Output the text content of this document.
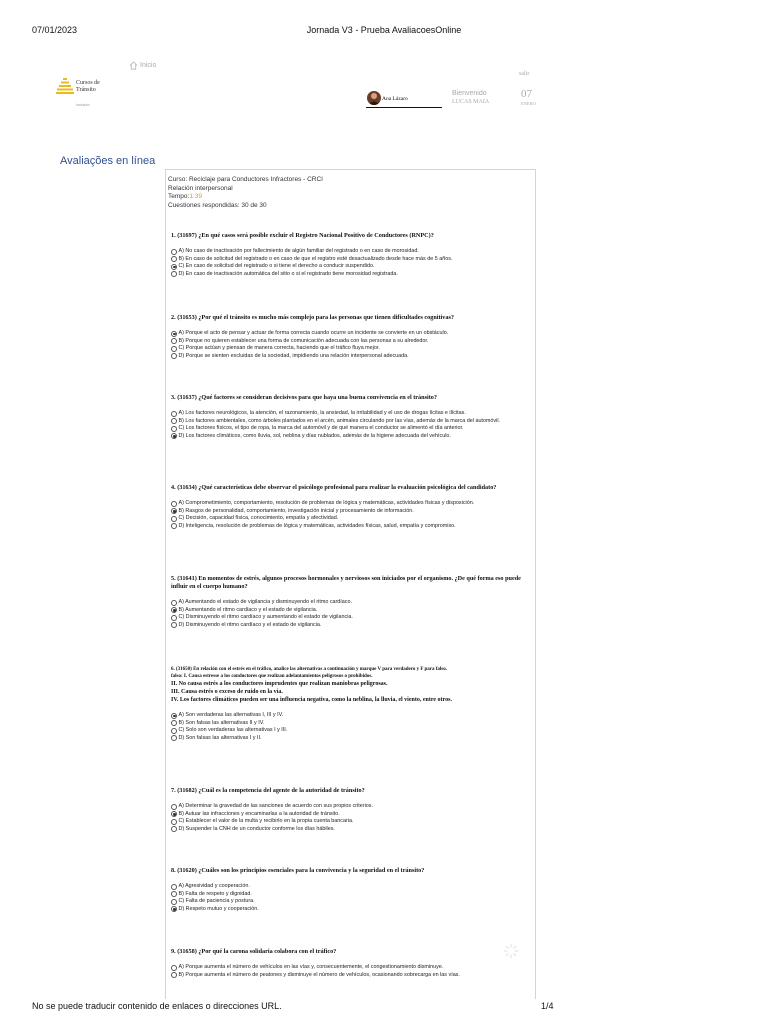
07/01/2023	Jornada V3 - Prueba AvaliacoesOnline
No se puede traducir contenido de enlaces o direcciones URL.	1/4
Cursos de Tránsito
Inclusivo
Inicio
salir
Ana Lázaro
Bienvenido
LUCAS MAIA
07
ENERO
Avaliações en línea
Curso: Reciclaje para Conductores Infractores - CRCI
Relación interpersonal
Tempo:1:39
Cuestiones respondidas: 30 de 30
1. (31697) ¿En qué casos será posible excluir el Registro Nacional Positivo de Conductores (RNPC)?
A) No caso de inactivación por fallecimiento de algún familiar del registrado o en caso de morosidad.
B) En caso de solicitud del registrado o en caso de que el registro esté desactualizado desde hace más de 5 años.
C) En caso de solicitud del registrado o si tiene el derecho a conducir suspendido.
D) En caso de inactivación automática del sitio o si el registrado tiene morosidad registrada.
2. (31653) ¿Por qué el tránsito es mucho más complejo para las personas que tienen dificultades cognitivas?
A) Porque el acto de pensar y actuar de forma correcta cuando ocurre un incidente se convierte en un obstáculo.
B) Porque no quieren establecer una forma de comunicación adecuada con las personas a su alrededor.
C) Porque actúan y piensan de manera correcta, haciendo que el tráfico fluya mejor.
D) Porque se sienten excluidas de la sociedad, impidiendo una relación interpersonal adecuada.
3. (31637) ¿Qué factores se consideran decisivos para que haya una buena convivencia en el tránsito?
A) Los factores neurológicos, la atención, el razonamiento, la ansiedad, la irritabilidad y el uso de drogas lícitas e ilícitas.
B) Los factores ambientales, como árboles plantados en el arcén, animales circulando por las vías, además de la marca del automóvil.
C) Los factores físicos, el tipo de ropa, la marca del automóvil y de qué manera el conductor se alimentó el día anterior.
D) Los factores climáticos, como lluvia, sol, neblina y días nublados, además de la higiene adecuada del vehículo.
4. (31634) ¿Qué características debe observar el psicólogo profesional para realizar la evaluación psicológica del candidato?
A) Comprometimiento, comportamiento, resolución de problemas de lógica y matemáticas, actividades físicas y disposición.
B) Rasgos de personalidad, comportamiento, investigación inicial y procesamiento de información.
C) Decisión, capacidad física, conocimiento, empatía y afectividad.
D) Inteligencia, resolución de problemas de lógica y matemáticas, actividades físicas, salud, empatía y compromiso.
5. (31641) En momentos de estrés, algunos procesos hormonales y nerviosos son iniciados por el organismo. ¿De qué forma eso puede influir en el cuerpo humano?
A) Aumentando el estado de vigilancia y disminuyendo el ritmo cardíaco.
B) Aumentando el ritmo cardíaco y el estado de vigilancia.
C) Disminuyendo el ritmo cardíaco y aumentando el estado de vigilancia.
D) Disminuyendo el ritmo cardíaco y el estado de vigilancia.
6. (31650) En relación con el estrés en el tráfico, analice las alternativas a continuación y marque V para verdadero y F para falso.
falso: I. Causa estresse a los conductores que realizan adelantamientos peligrosos o prohibidos.
II. No causa estrés a los conductores imprudentes que realizan maniobras peligrosas.
III. Causa estrés o exceso de ruido en la vía.
IV. Los factores climáticos pueden ser una influencia negativa, como la neblina, la lluvia, el viento, entre otros.
A) Son verdaderas las alternativas I, III y IV.
B) Son falsas las alternativas II y IV.
C) Solo son verdaderas las alternativas I y III.
D) Son falsas las alternativas I y II.
7. (31682) ¿Cuál es la competencia del agente de la autoridad de tránsito?
A) Determinar la gravedad de las sanciones de acuerdo con sus propios criterios.
B) Autuar las infracciones y encaminarlas a la autoridad de tránsito.
C) Establecer el valor de la multa y recibirlo en la propia cuenta bancaria.
D) Suspender la CNH de un conductor conforme los días hábiles.
8. (31620) ¿Cuáles son los principios esenciales para la convivencia y la seguridad en el tránsito?
A) Agresividad y cooperación.
B) Falta de respeto y dignidad.
C) Falta de paciencia y postura.
D) Respeto mutuo y cooperación.
9. (31658) ¿Por qué la carona solidaria colabora con el tráfico?
A) Porque aumenta el número de vehículos en las vías y, consecuentemente, el congestionamiento disminuye.
B) Porque aumenta el número de peatones y disminuye el número de vehículos, ocasionando sobrecarga en las vías.
